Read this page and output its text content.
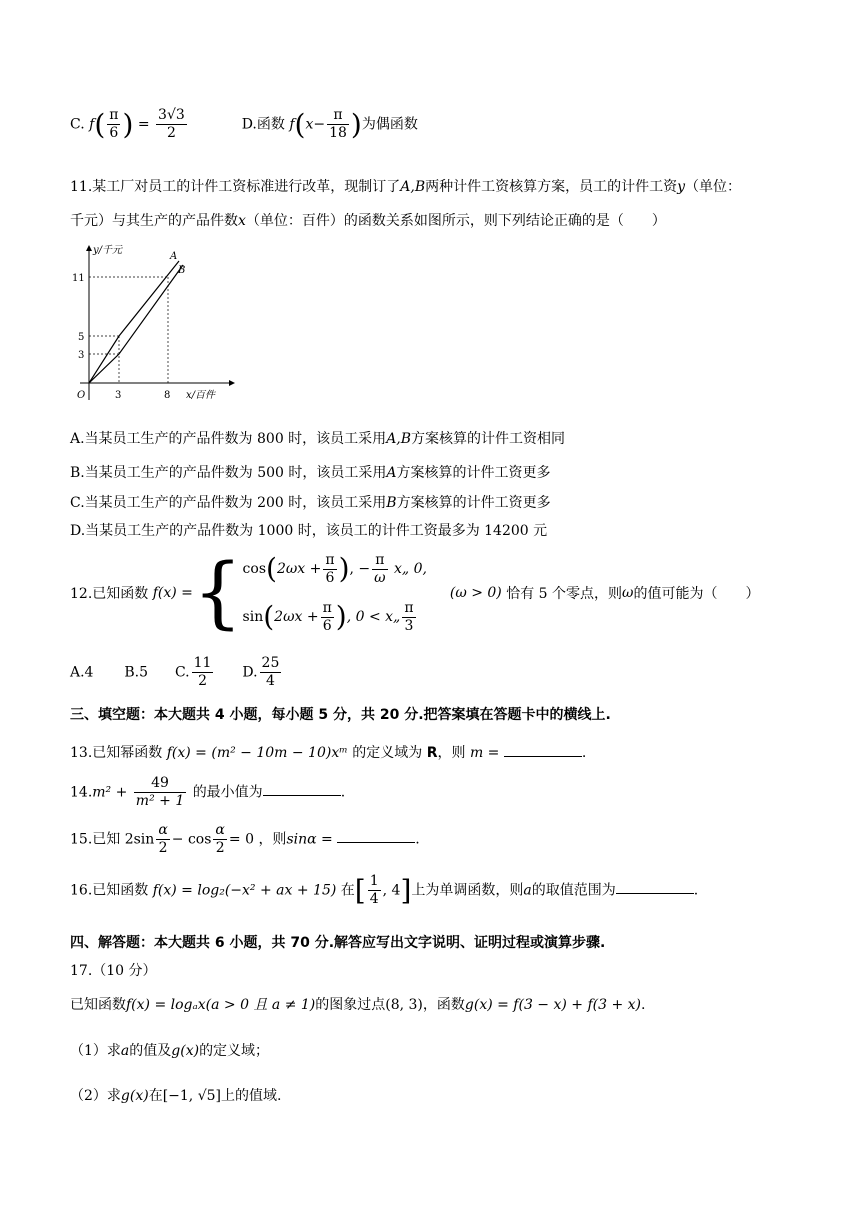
C. $f( \frac{\pi}{6}$ ) = $\frac{3√3}{2}$	D.函数 $f(x- \frac{\pi}{18}$ )为偶函数
11.某工厂对员工的计件工资标准进行改革，现制订了A,B两种计件工资核算方案，员工的计件工资y（单位：
千元）与其生产的产品件数x（单位：百件）的函数关系如图所示，则下列结论正确的是（　　）
y/千元
x/百件
O
11
5
3
3	8
A
B
A.当某员工生产的产品件数为 800 时，该员工采用A,B方案核算的计件工资相同
B.当某员工生产的产品件数为 500 时，该员工采用A方案核算的计件工资更多
C.当某员工生产的产品件数为 200 时，该员工采用B方案核算的计件工资更多
D.当某员工生产的产品件数为 1000 时，该员工的计件工资最多为 14200 元
12.已知函数 f(x) ={ $\cos(2\omega x + \frac{\pi}{6}$ ), − $\frac{\pi}{\omega}$ x„ 0,
$\sin(2\omega x + \frac{\pi}{6}$ ), 0 < x„ $\frac{\pi}{3}$
(ω > 0) 恰有 5 个零点，则ω的值可能为（　　）
A.4 B.5 C. $\frac{11}{2} D$. $\frac{25}{4}$
三、填空题：本大题共 4 小题，每小题 5 分，共 20 分.把答案填在答题卡中的横线上.
13.已知幂函数 f(x) = (m² − 10m − 10)xᵐ 的定义域为 R，则 m =	.
$14.m^2 + \frac{49}{\text{m² + 1}}$ 的最小值为	.
15.已知 $2\sin \frac{\alpha}{2} - \cos \frac{\alpha}{2} = 0$ ，则sinα =	.
16.已知函数 f(x) = log₂(−x² + ax + 15) 在[ $\frac{1}{4}$ , 4]上为单调函数，则a的取值范围为	.
四、解答题：本大题共 6 小题，共 70 分.解答应写出文字说明、证明过程或演算步骤.
17.（10 分）
已知函数f(x) = logₐx(a > 0 且 a ≠ 1)的图象过点(8, 3)，函数g(x) = f(3 − x) + f(3 + x).
（1）求a的值及g(x)的定义域；
（2）求g(x)在[−1, √5]上的值域.
